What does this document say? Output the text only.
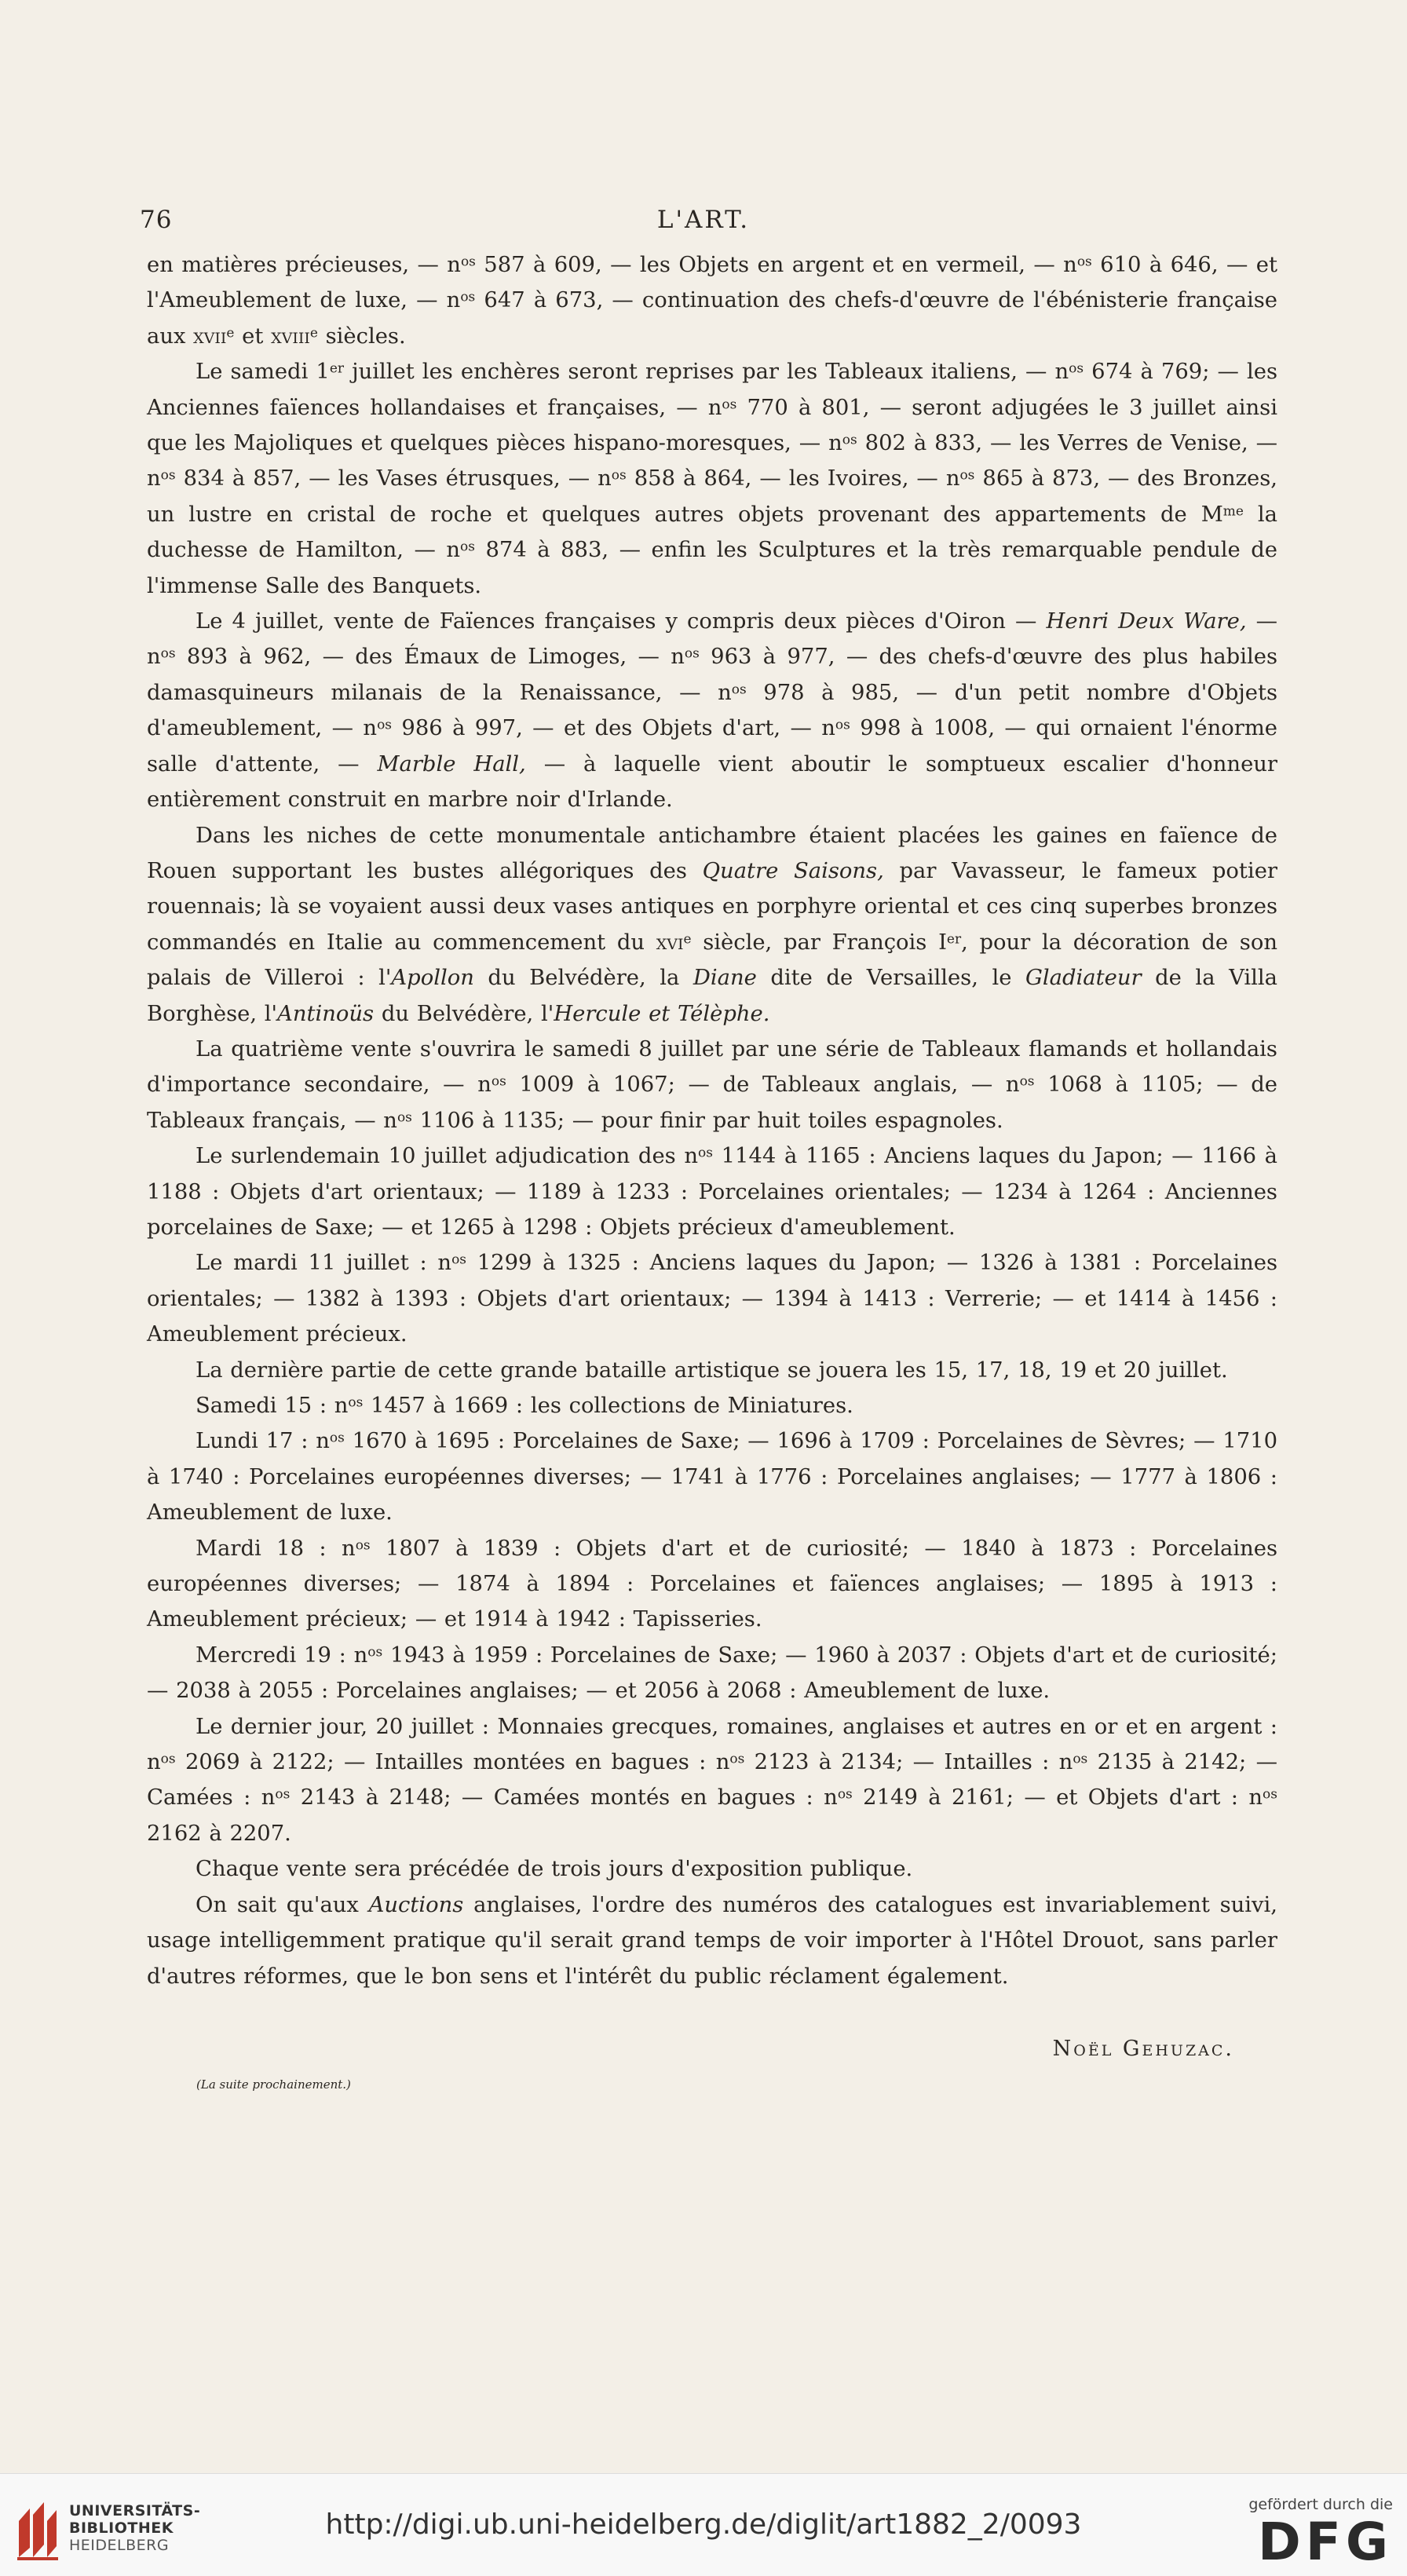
76	L'ART.

en matières précieuses, — $n^{os}$ 587 à 609, — les Objets en argent et en vermeil, — $n^{os}$ 610 à 646, — et l'Ameublement de luxe, — $n^{os}$ 647 à 673, — continuation des chefs-d'œuvre de l'ébénisterie française aux xvii$^e$ et xviii$^e$ siècles.

Le samedi 1er juillet les enchères seront reprises par les Tableaux italiens, — $n^{os}$ 674 à 769; — les Anciennes faïences hollandaises et françaises, — $n^{os}$ 770 à 801, — seront adjugées le 3 juillet ainsi que les Majoliques et quelques pièces hispano-moresques, — $n^{os}$ 802 à 833, — les Verres de Venise, — $n^{os}$ 834 à 857, — les Vases étrusques, — $n^{os}$ 858 à 864, — les Ivoires, — $n^{os}$ 865 à 873, — des Bronzes, un lustre en cristal de roche et quelques autres objets provenant des appartements de $M^{me}$ la duchesse de Hamilton, — $n^{os}$ 874 à 883, — enfin les Sculptures et la très remarquable pendule de l'immense Salle des Banquets.

Le 4 juillet, vente de Faïences françaises y compris deux pièces d'Oiron — Henri Deux Ware, — $n^{os}$ 893 à 962, — des Émaux de Limoges, — $n^{os}$ 963 à 977, — des chefs-d'œuvre des plus habiles damasquineurs milanais de la Renaissance, — $n^{os}$ 978 à 985, — d'un petit nombre d'Objets d'ameublement, — $n^{os}$ 986 à 997, — et des Objets d'art, — $n^{os}$ 998 à 1008, — qui ornaient l'énorme salle d'attente, — Marble Hall, — à laquelle vient aboutir le somptueux escalier d'honneur entièrement construit en marbre noir d'Irlande.

Dans les niches de cette monumentale antichambre étaient placées les gaines en faïence de Rouen supportant les bustes allégoriques des Quatre Saisons, par Vavasseur, le fameux potier rouennais; là se voyaient aussi deux vases antiques en porphyre oriental et ces cinq superbes bronzes commandés en Italie au commencement du xvi$^e$ siècle, par François Ier, pour la décoration de son palais de Villeroi : l'Apollon du Belvédère, la Diane dite de Versailles, le Gladiateur de la Villa Borghèse, l'Antinoüs du Belvédère, l'Hercule et Télèphe.

La quatrième vente s'ouvrira le samedi 8 juillet par une série de Tableaux flamands et hollandais d'importance secondaire, — $n^{os}$ 1009 à 1067; — de Tableaux anglais, — $n^{os}$ 1068 à 1105; — de Tableaux français, — $n^{os}$ 1106 à 1135; — pour finir par huit toiles espagnoles.

Le surlendemain 10 juillet adjudication des $n^{os}$ 1144 à 1165 : Anciens laques du Japon; — 1166 à 1188 : Objets d'art orientaux; — 1189 à 1233 : Porcelaines orientales; — 1234 à 1264 : Anciennes porcelaines de Saxe; — et 1265 à 1298 : Objets précieux d'ameublement.

Le mardi 11 juillet : $n^{os}$ 1299 à 1325 : Anciens laques du Japon; — 1326 à 1381 : Porcelaines orientales; — 1382 à 1393 : Objets d'art orientaux; — 1394 à 1413 : Verrerie; — et 1414 à 1456 : Ameublement précieux.

La dernière partie de cette grande bataille artistique se jouera les 15, 17, 18, 19 et 20 juillet.

Samedi 15 : $n^{os}$ 1457 à 1669 : les collections de Miniatures.

Lundi 17 : $n^{os}$ 1670 à 1695 : Porcelaines de Saxe; — 1696 à 1709 : Porcelaines de Sèvres; — 1710 à 1740 : Porcelaines européennes diverses; — 1741 à 1776 : Porcelaines anglaises; — 1777 à 1806 : Ameublement de luxe.

Mardi 18 : $n^{os}$ 1807 à 1839 : Objets d'art et de curiosité; — 1840 à 1873 : Porcelaines européennes diverses; — 1874 à 1894 : Porcelaines et faïences anglaises; — 1895 à 1913 : Ameublement précieux; — et 1914 à 1942 : Tapisseries.

Mercredi 19 : $n^{os}$ 1943 à 1959 : Porcelaines de Saxe; — 1960 à 2037 : Objets d'art et de curiosité; — 2038 à 2055 : Porcelaines anglaises; — et 2056 à 2068 : Ameublement de luxe.

Le dernier jour, 20 juillet : Monnaies grecques, romaines, anglaises et autres en or et en argent : $n^{os}$ 2069 à 2122; — Intailles montées en bagues : $n^{os}$ 2123 à 2134; — Intailles : $n^{os}$ 2135 à 2142; — Camées : $n^{os}$ 2143 à 2148; — Camées montés en bagues : $n^{os}$ 2149 à 2161; — et Objets d'art : $n^{os}$ 2162 à 2207.

Chaque vente sera précédée de trois jours d'exposition publique.

On sait qu'aux Auctions anglaises, l'ordre des numéros des catalogues est invariablement suivi, usage intelligemment pratique qu'il serait grand temps de voir importer à l'Hôtel Drouot, sans parler d'autres réformes, que le bon sens et l'intérêt du public réclament également.

Noël Gehuzac.
(La suite prochainement.)
UNIVERSITÄTS-
BIBLIOTHEK
HEIDELBERG
http://digi.ub.uni-heidelberg.de/diglit/art1882_2/0093
gefördert durch die
DFG
